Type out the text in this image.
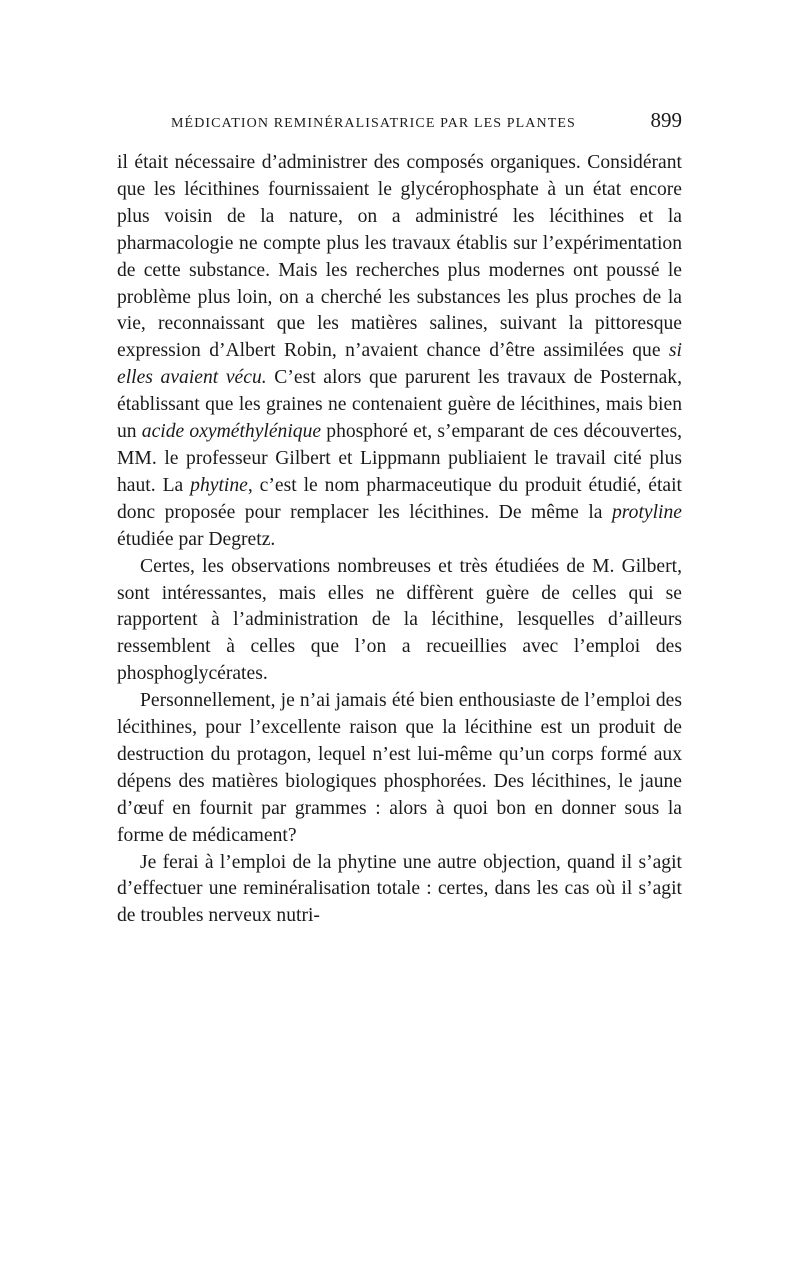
MÉDICATION REMINÉRALISATRICE PAR LES PLANTES	899

il était nécessaire d’administrer des composés organiques. Considérant que les lécithines fournissaient le glycérophosphate à un état encore plus voisin de la nature, on a administré les lécithines et la pharmacologie ne compte plus les travaux établis sur l’expérimentation de cette substance. Mais les recherches plus modernes ont poussé le problème plus loin, on a cherché les substances les plus proches de la vie, reconnaissant que les matières salines, suivant la pittoresque expression d’Albert Robin, n’avaient chance d’être assimilées que si elles avaient vécu. C’est alors que parurent les travaux de Posternak, établissant que les graines ne contenaient guère de lécithines, mais bien un acide oxyméthylénique phosphoré et, s’emparant de ces découvertes, MM. le professeur Gilbert et Lippmann publiaient le travail cité plus haut. La phytine, c’est le nom pharmaceutique du produit étudié, était donc proposée pour remplacer les lécithines. De même la protyline étudiée par Degretz.

Certes, les observations nombreuses et très étudiées de M. Gilbert, sont intéressantes, mais elles ne diffèrent guère de celles qui se rapportent à l’administration de la lécithine, lesquelles d’ailleurs ressemblent à celles que l’on a recueillies avec l’emploi des phosphoglycérates.

Personnellement, je n’ai jamais été bien enthousiaste de l’emploi des lécithines, pour l’excellente raison que la lécithine est un produit de destruction du protagon, lequel n’est lui-même qu’un corps formé aux dépens des matières biologiques phosphorées. Des lécithines, le jaune d’œuf en fournit par grammes : alors à quoi bon en donner sous la forme de médicament?

Je ferai à l’emploi de la phytine une autre objection, quand il s’agit d’effectuer une reminéralisation totale : certes, dans les cas où il s’agit de troubles nerveux nutri-
